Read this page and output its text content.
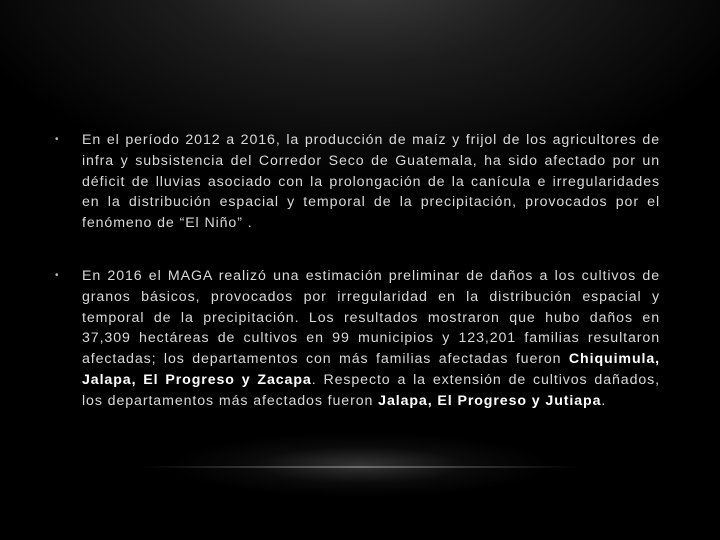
• En el período 2012 a 2016, la producción de maíz y frijol de los agricultores de infra y subsistencia del Corredor Seco de Guatemala, ha sido afectado por un déficit de lluvias asociado con la prolongación de la canícula e irregularidades en la distribución espacial y temporal de la precipitación, provocados por el fenómeno de “El Niño” .
• En 2016 el MAGA realizó una estimación preliminar de daños a los cultivos de granos básicos, provocados por irregularidad en la distribución espacial y temporal de la precipitación. Los resultados mostraron que hubo daños en 37,309 hectáreas de cultivos en 99 municipios y 123,201 familias resultaron afectadas; los departamentos con más familias afectadas fueron Chiquimula, Jalapa, El Progreso y Zacapa. Respecto a la extensión de cultivos dañados, los departamentos más afectados fueron Jalapa, El Progreso y Jutiapa.
